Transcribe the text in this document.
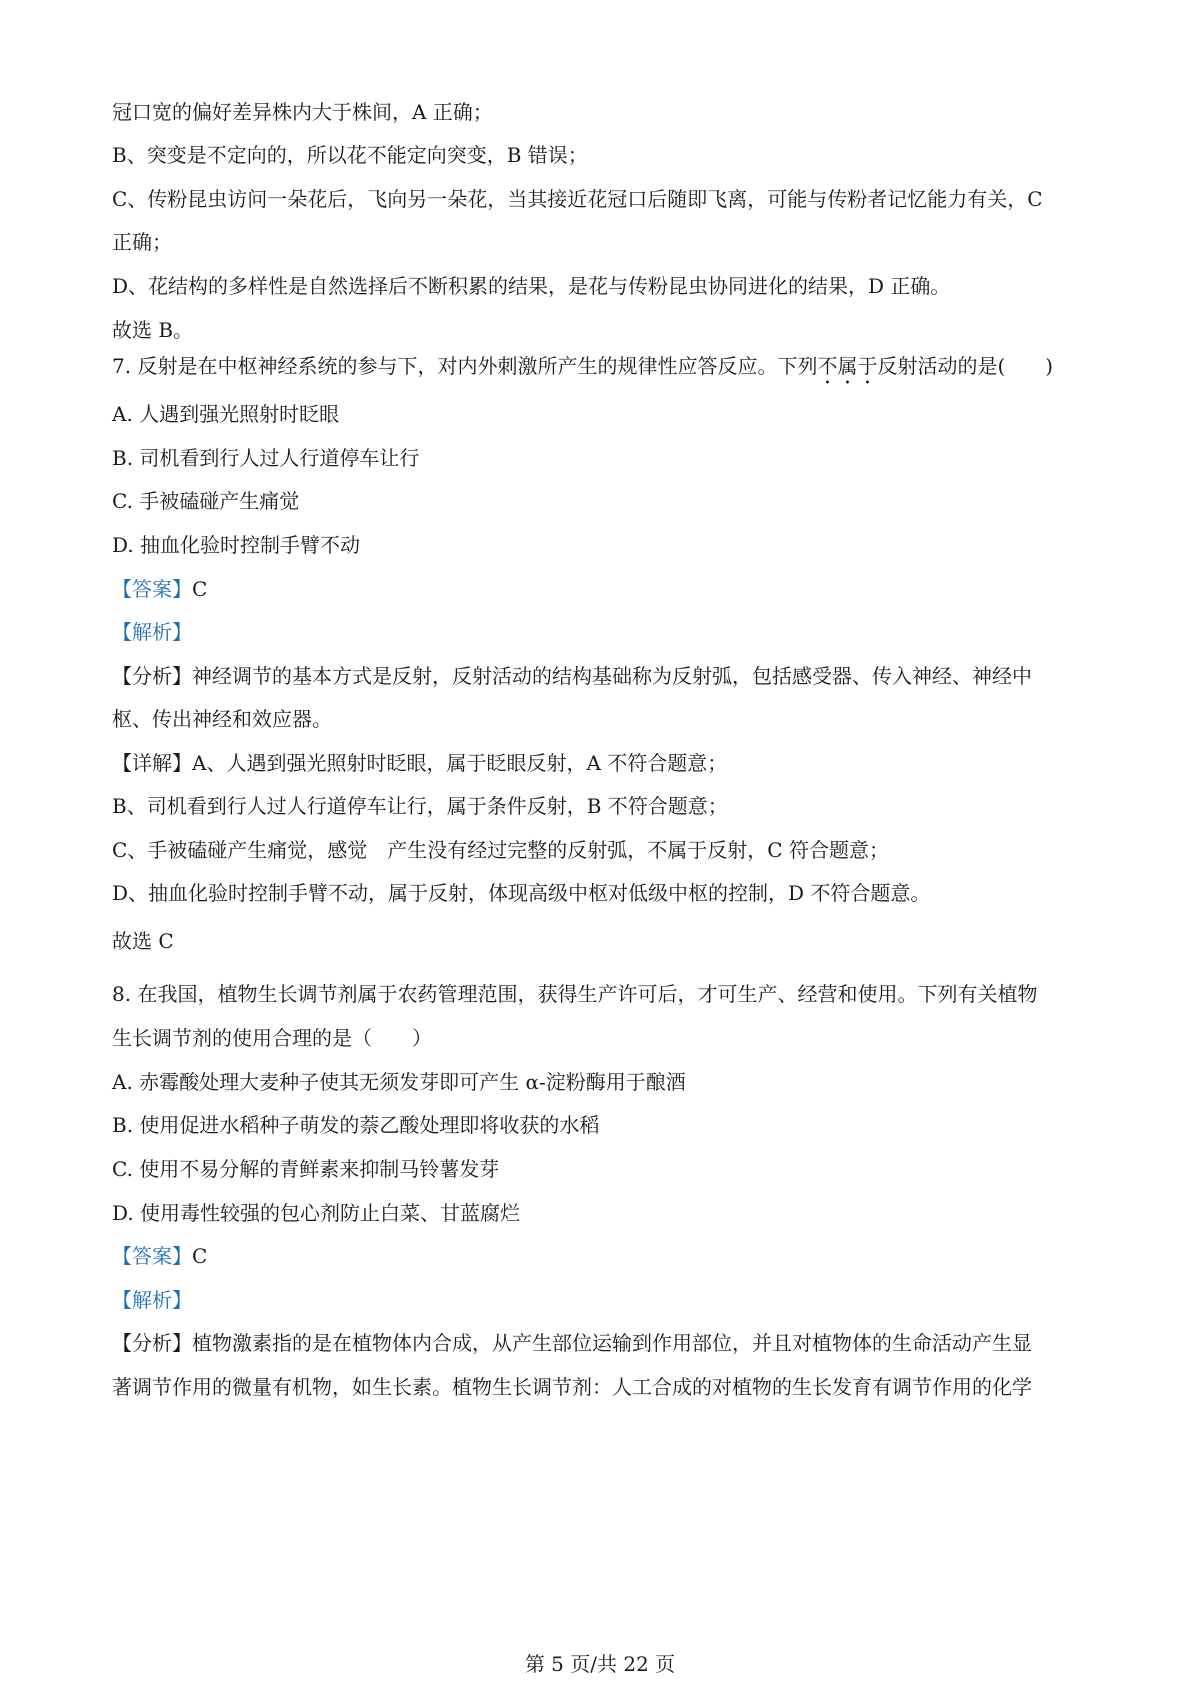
冠口宽的偏好差异株内大于株间，A 正确；
B、突变是不定向的，所以花不能定向突变，B 错误；
C、传粉昆虫访问一朵花后，飞向另一朵花，当其接近花冠口后随即飞离，可能与传粉者记忆能力有关，C
正确；
D、花结构的多样性是自然选择后不断积累的结果，是花与传粉昆虫协同进化的结果，D 正确。
故选 B。
7. 反射是在中枢神经系统的参与下，对内外刺激所产生的规律性应答反应。下列不属于反射活动的是(　　)
A. 人遇到强光照射时眨眼
B. 司机看到行人过人行道停车让行
C. 手被磕碰产生痛觉
D. 抽血化验时控制手臂不动
【答案】C
【解析】
【分析】神经调节的基本方式是反射，反射活动的结构基础称为反射弧，包括感受器、传入神经、神经中
枢、传出神经和效应器。
【详解】A、人遇到强光照射时眨眼，属于眨眼反射，A 不符合题意；
B、司机看到行人过人行道停车让行，属于条件反射，B 不符合题意；
C、手被磕碰产生痛觉，感觉　产生没有经过完整的反射弧，不属于反射，C 符合题意；
D、抽血化验时控制手臂不动，属于反射，体现高级中枢对低级中枢的控制，D 不符合题意。
故选 C
8. 在我国，植物生长调节剂属于农药管理范围，获得生产许可后，才可生产、经营和使用。下列有关植物
生长调节剂的使用合理的是（　　）
A. 赤霉酸处理大麦种子使其无须发芽即可产生 α-淀粉酶用于酿酒
B. 使用促进水稻种子萌发的萘乙酸处理即将收获的水稻
C. 使用不易分解的青鲜素来抑制马铃薯发芽
D. 使用毒性较强的包心剂防止白菜、甘蓝腐烂
【答案】C
【解析】
【分析】植物激素指的是在植物体内合成，从产生部位运输到作用部位，并且对植物体的生命活动产生显
著调节作用的微量有机物，如生长素。植物生长调节剂：人工合成的对植物的生长发育有调节作用的化学
第 5 页/共 22 页
